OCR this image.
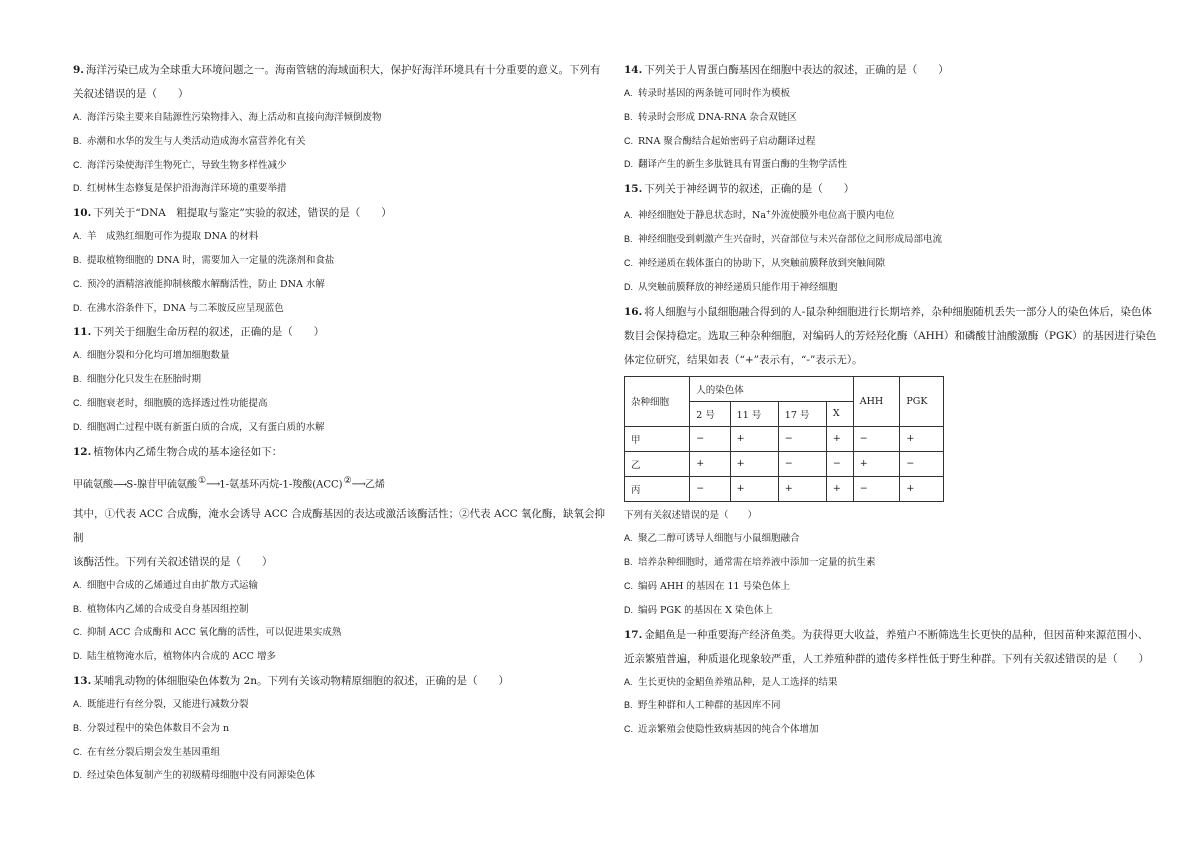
9. 海洋污染已成为全球重大环境问题之一。海南管辖的海域面积大，保护好海洋环境具有十分重要的意义。下列有

关叙述错误的是（　　）

A. 海洋污染主要来自陆源性污染物排入、海上活动和直接向海洋倾倒废物

B. 赤潮和水华的发生与人类活动造成海水富营养化有关

C. 海洋污染使海洋生物死亡，导致生物多样性减少

D. 红树林生态修复是保护沿海海洋环境的重要举措

10. 下列关于“DNA　粗提取与鉴定”实验的叙述，错误的是（　　）

A. 羊　成熟红细胞可作为提取 DNA 的材料

B. 提取植物细胞的 DNA 时，需要加入一定量的洗涤剂和食盐

C. 预冷的酒精溶液能抑制核酸水解酶活性，防止 DNA 水解

D. 在沸水浴条件下，DNA 与二苯胺反应呈现蓝色

11. 下列关于细胞生命历程的叙述，正确的是（　　）

A. 细胞分裂和分化均可增加细胞数量

B. 细胞分化只发生在胚胎时期

C. 细胞衰老时，细胞膜的选择透过性功能提高

D. 细胞凋亡过程中既有新蛋白质的合成，又有蛋白质的水解

12. 植物体内乙烯生物合成的基本途径如下：

甲硫氨酸⟶S-腺苷甲硫氨酸①⟶1-氨基环丙烷-1-羧酸(ACC)②⟶乙烯

其中，①代表 ACC 合成酶，淹水会诱导 ACC 合成酶基因的表达或激活该酶活性；②代表 ACC 氧化酶，缺氧会抑制

该酶活性。下列有关叙述错误的是（　　）

A. 细胞中合成的乙烯通过自由扩散方式运输

B. 植物体内乙烯的合成受自身基因组控制

C. 抑制 ACC 合成酶和 ACC 氧化酶的活性，可以促进果实成熟

D. 陆生植物淹水后，植物体内合成的 ACC 增多

13. 某哺乳动物的体细胞染色体数为 2n。下列有关该动物精原细胞的叙述，正确的是（　　）

A. 既能进行有丝分裂，又能进行减数分裂

B. 分裂过程中的染色体数目不会为 n

C. 在有丝分裂后期会发生基因重组

D. 经过染色体复制产生的初级精母细胞中没有同源染色体

14. 下列关于人胃蛋白酶基因在细胞中表达的叙述，正确的是（　　）

A. 转录时基因的两条链可同时作为模板

B. 转录时会形成 DNA-RNA 杂合双链区

C. RNA 聚合酶结合起始密码子启动翻译过程

D. 翻译产生的新生多肽链具有胃蛋白酶的生物学活性

15. 下列关于神经调节的叙述，正确的是（　　）

A. 神经细胞处于静息状态时，Na+外流使膜外电位高于膜内电位

B. 神经细胞受到刺激产生兴奋时，兴奋部位与未兴奋部位之间形成局部电流

C. 神经递质在载体蛋白的协助下，从突触前膜释放到突触间隙

D. 从突触前膜释放的神经递质只能作用于神经细胞

16. 将人细胞与小鼠细胞融合得到的人-鼠杂种细胞进行长期培养，杂种细胞随机丢失一部分人的染色体后，染色体

数目会保持稳定。选取三种杂种细胞，对编码人的芳烃羟化酶（AHH）和磷酸甘油酸激酶（PGK）的基因进行染色

体定位研究，结果如表（“+”表示有，“-”表示无）。

杂种细胞	人的染色体				AHH	PGK
	2 号	11 号	17 号	X		
甲	−	+	−	+	−	+
乙	+	+	−	−	+	−
丙	−	+	+	+	−	+

下列有关叙述错误的是（　　）

A. 聚乙二醇可诱导人细胞与小鼠细胞融合

B. 培养杂种细胞时，通常需在培养液中添加一定量的抗生素

C. 编码 AHH 的基因在 11 号染色体上

D. 编码 PGK 的基因在 X 染色体上

17. 金鲳鱼是一种重要海产经济鱼类。为获得更大收益，养殖户不断筛选生长更快的品种，但因苗种来源范围小、

近亲繁殖普遍，种质退化现象较严重，人工养殖种群的遗传多样性低于野生种群。下列有关叙述错误的是（　　）

A. 生长更快的金鲳鱼养殖品种，是人工选择的结果

B. 野生种群和人工种群的基因库不同

C. 近亲繁殖会使隐性致病基因的纯合个体增加
